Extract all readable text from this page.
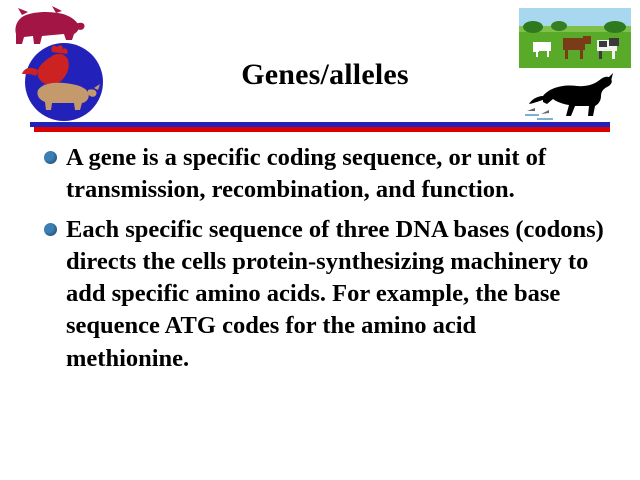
Genes/alleles
A gene is a specific coding sequence, or unit of transmission, recombination, and function.
Each specific sequence of three DNA bases (codons) directs the cells protein-synthesizing machinery to add specific amino acids. For example, the base sequence ATG codes for the amino acid methionine.
